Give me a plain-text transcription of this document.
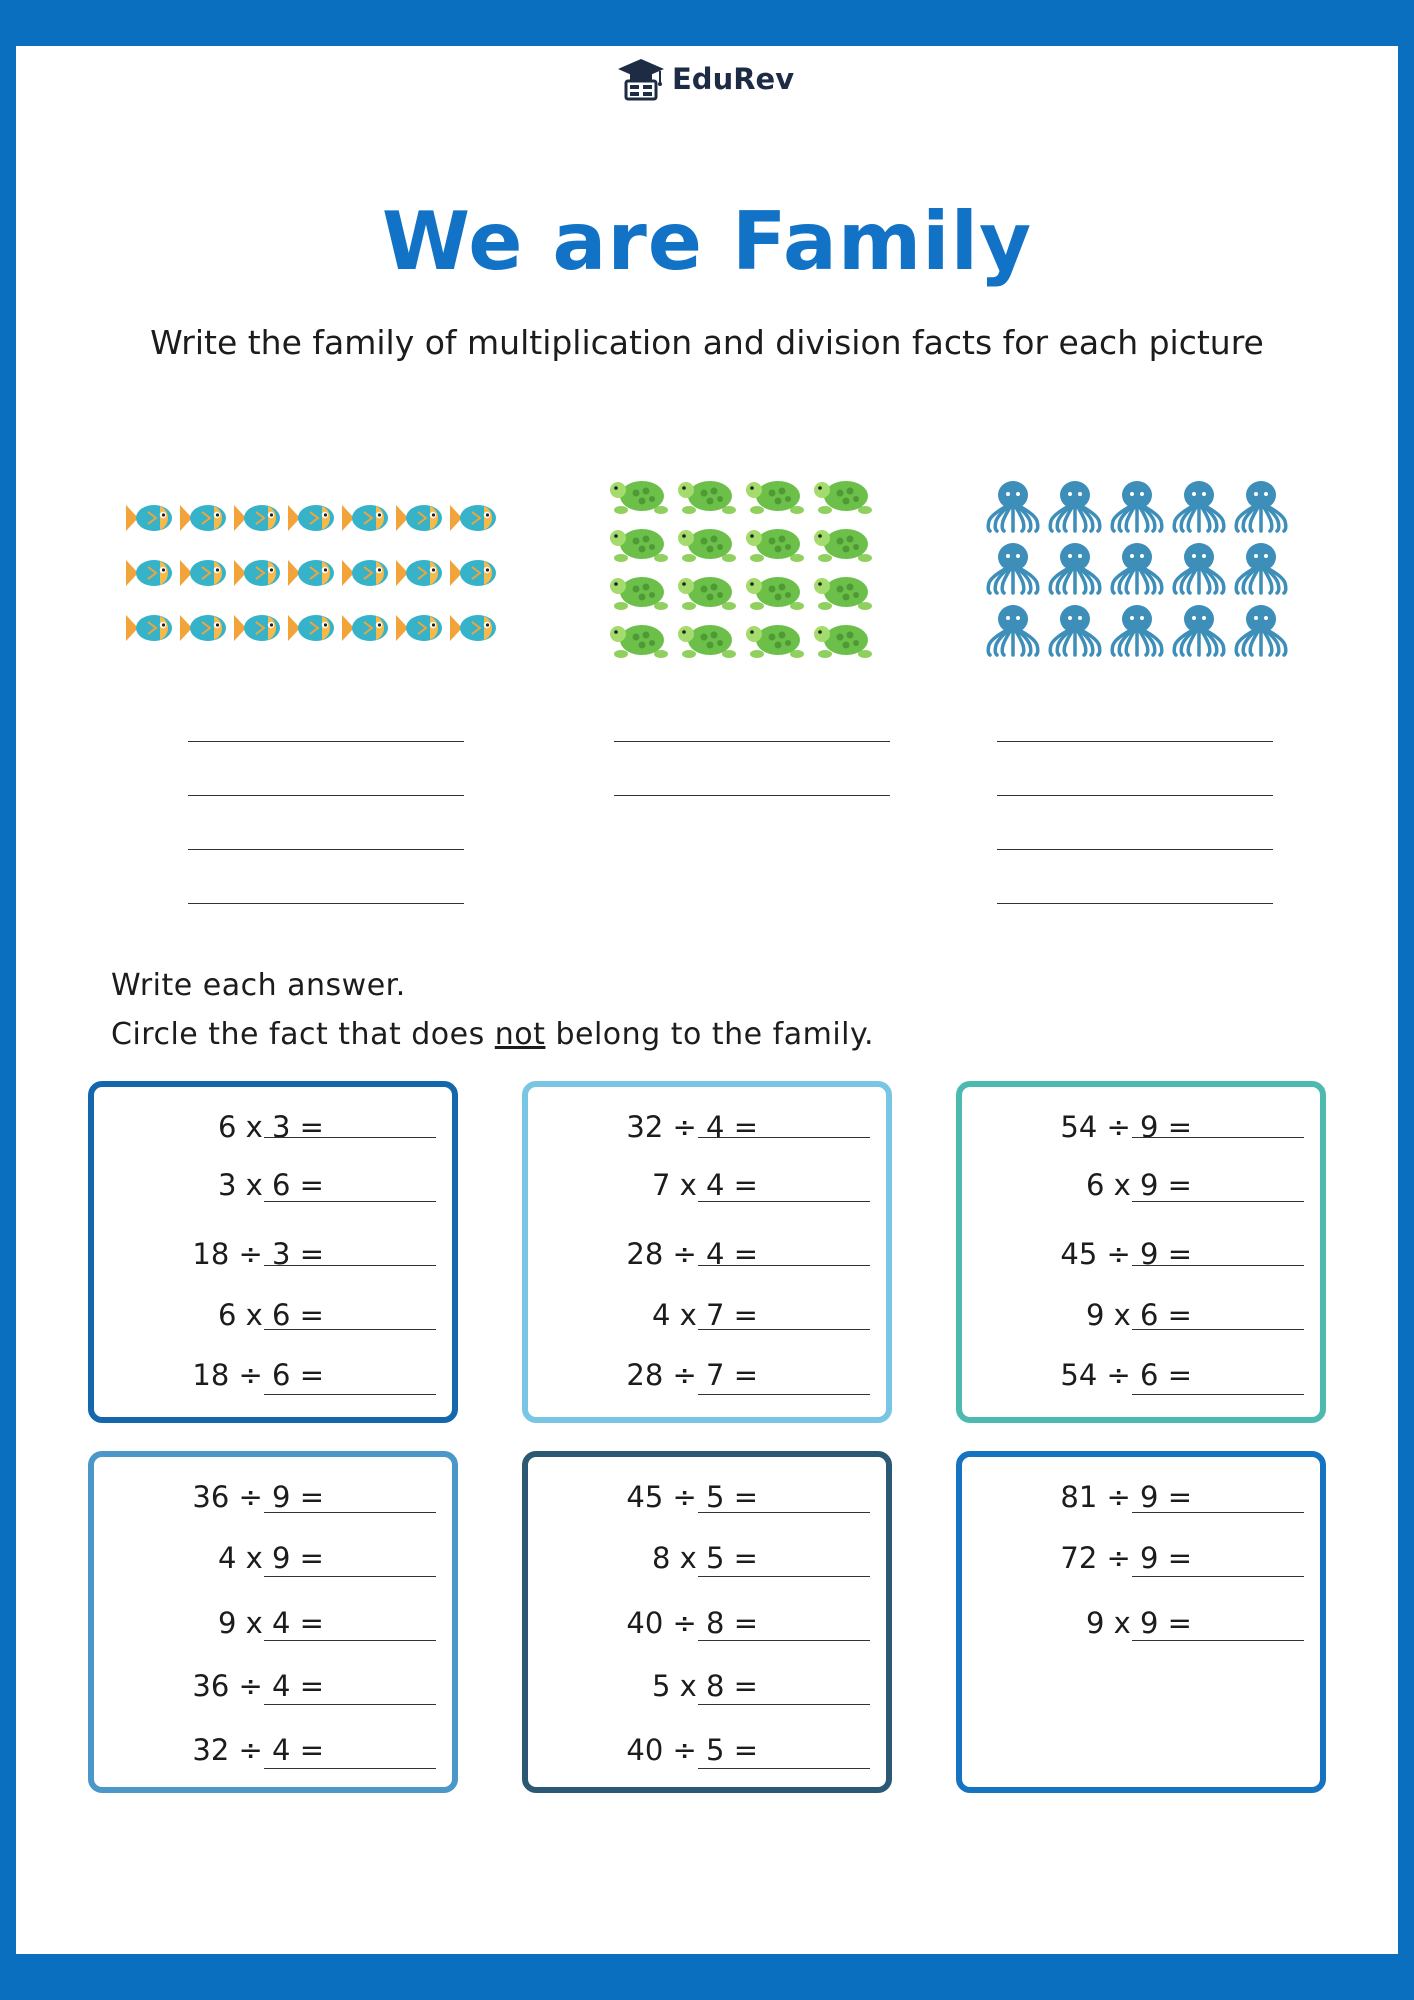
EduRev
We are Family
Write the family of multiplication and division facts for each picture
Write each answer.
Circle the fact that does not belong to the family.
6 x 3 =
3 x 6 =
18 ÷ 3 =
6 x 6 =
18 ÷ 6 =
32 ÷ 4 =
7 x 4 =
28 ÷ 4 =
4 x 7 =
28 ÷ 7 =
54 ÷ 9 =
6 x 9 =
45 ÷ 9 =
9 x 6 =
54 ÷ 6 =
36 ÷ 9 =
4 x 9 =
9 x 4 =
36 ÷ 4 =
32 ÷ 4 =
45 ÷ 5 =
8 x 5 =
40 ÷ 8 =
5 x 8 =
40 ÷ 5 =
81 ÷ 9 =
72 ÷ 9 =
9 x 9 =
